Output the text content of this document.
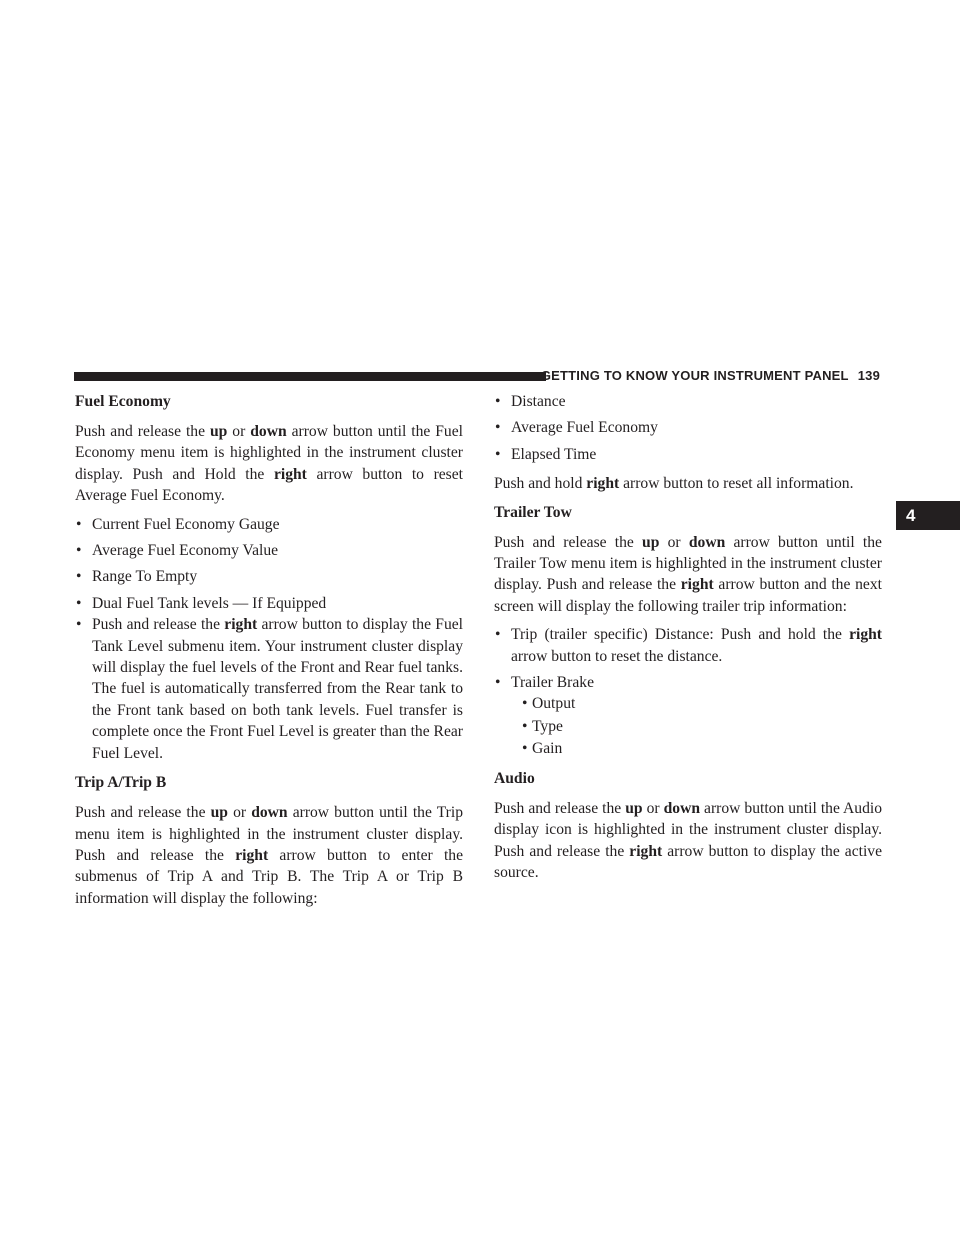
GETTING TO KNOW YOUR INSTRUMENT PANEL 139
4
Fuel Economy

Push and release the up or down arrow button until the Fuel Economy menu item is highlighted in the instrument cluster display. Push and Hold the right arrow button to reset Average Fuel Economy.

• Current Fuel Economy Gauge
• Average Fuel Economy Value
• Range To Empty
• Dual Fuel Tank levels — If Equipped
• Push and release the right arrow button to display the Fuel Tank Level submenu item. Your instrument cluster display will display the fuel levels of the Front and Rear fuel tanks. The fuel is automatically transferred from the Rear tank to the Front tank based on both tank levels. Fuel transfer is complete once the Front Fuel Level is greater than the Rear Fuel Level.
Trip A/Trip B

Push and release the up or down arrow button until the Trip menu item is highlighted in the instrument cluster display. Push and release the right arrow button to enter the submenus of Trip A and Trip B. The Trip A or Trip B information will display the following:

• Distance
• Average Fuel Economy
• Elapsed Time

Push and hold right arrow button to reset all information.

Trailer Tow

Push and release the up or down arrow button until the Trailer Tow menu item is highlighted in the instrument cluster display. Push and release the right arrow button and the next screen will display the following trailer trip information:

• Trip (trailer specific) Distance: Push and hold the right arrow button to reset the distance.
• Trailer Brake
• Output
• Type
• Gain
Audio

Push and release the up or down arrow button until the Audio display icon is highlighted in the instrument cluster display. Push and release the right arrow button to display the active source.
